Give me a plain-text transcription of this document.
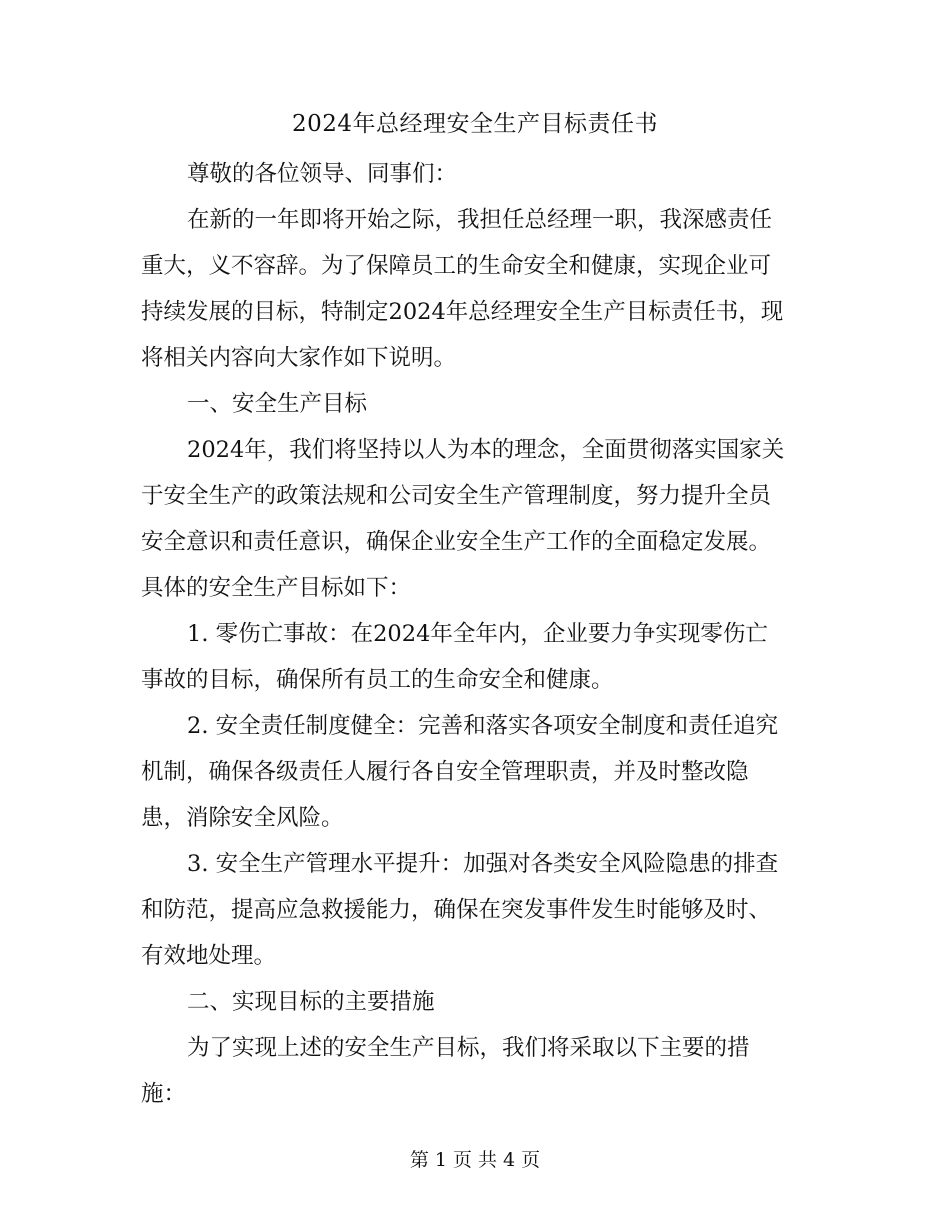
2024年总经理安全生产目标责任书

尊敬的各位领导、同事们：

在新的一年即将开始之际，我担任总经理一职，我深感责任
重大，义不容辞。为了保障员工的生命安全和健康，实现企业可
持续发展的目标，特制定2024年总经理安全生产目标责任书，现
将相关内容向大家作如下说明。

一、安全生产目标

2024年，我们将坚持以人为本的理念，全面贯彻落实国家关
于安全生产的政策法规和公司安全生产管理制度，努力提升全员
安全意识和责任意识，确保企业安全生产工作的全面稳定发展。
具体的安全生产目标如下：

1. 零伤亡事故：在2024年全年内，企业要力争实现零伤亡
事故的目标，确保所有员工的生命安全和健康。

2. 安全责任制度健全：完善和落实各项安全制度和责任追究
机制，确保各级责任人履行各自安全管理职责，并及时整改隐
患，消除安全风险。

3. 安全生产管理水平提升：加强对各类安全风险隐患的排查
和防范，提高应急救援能力，确保在突发事件发生时能够及时、
有效地处理。

二、实现目标的主要措施

为了实现上述的安全生产目标，我们将采取以下主要的措
施：

第 1 页 共 4 页
